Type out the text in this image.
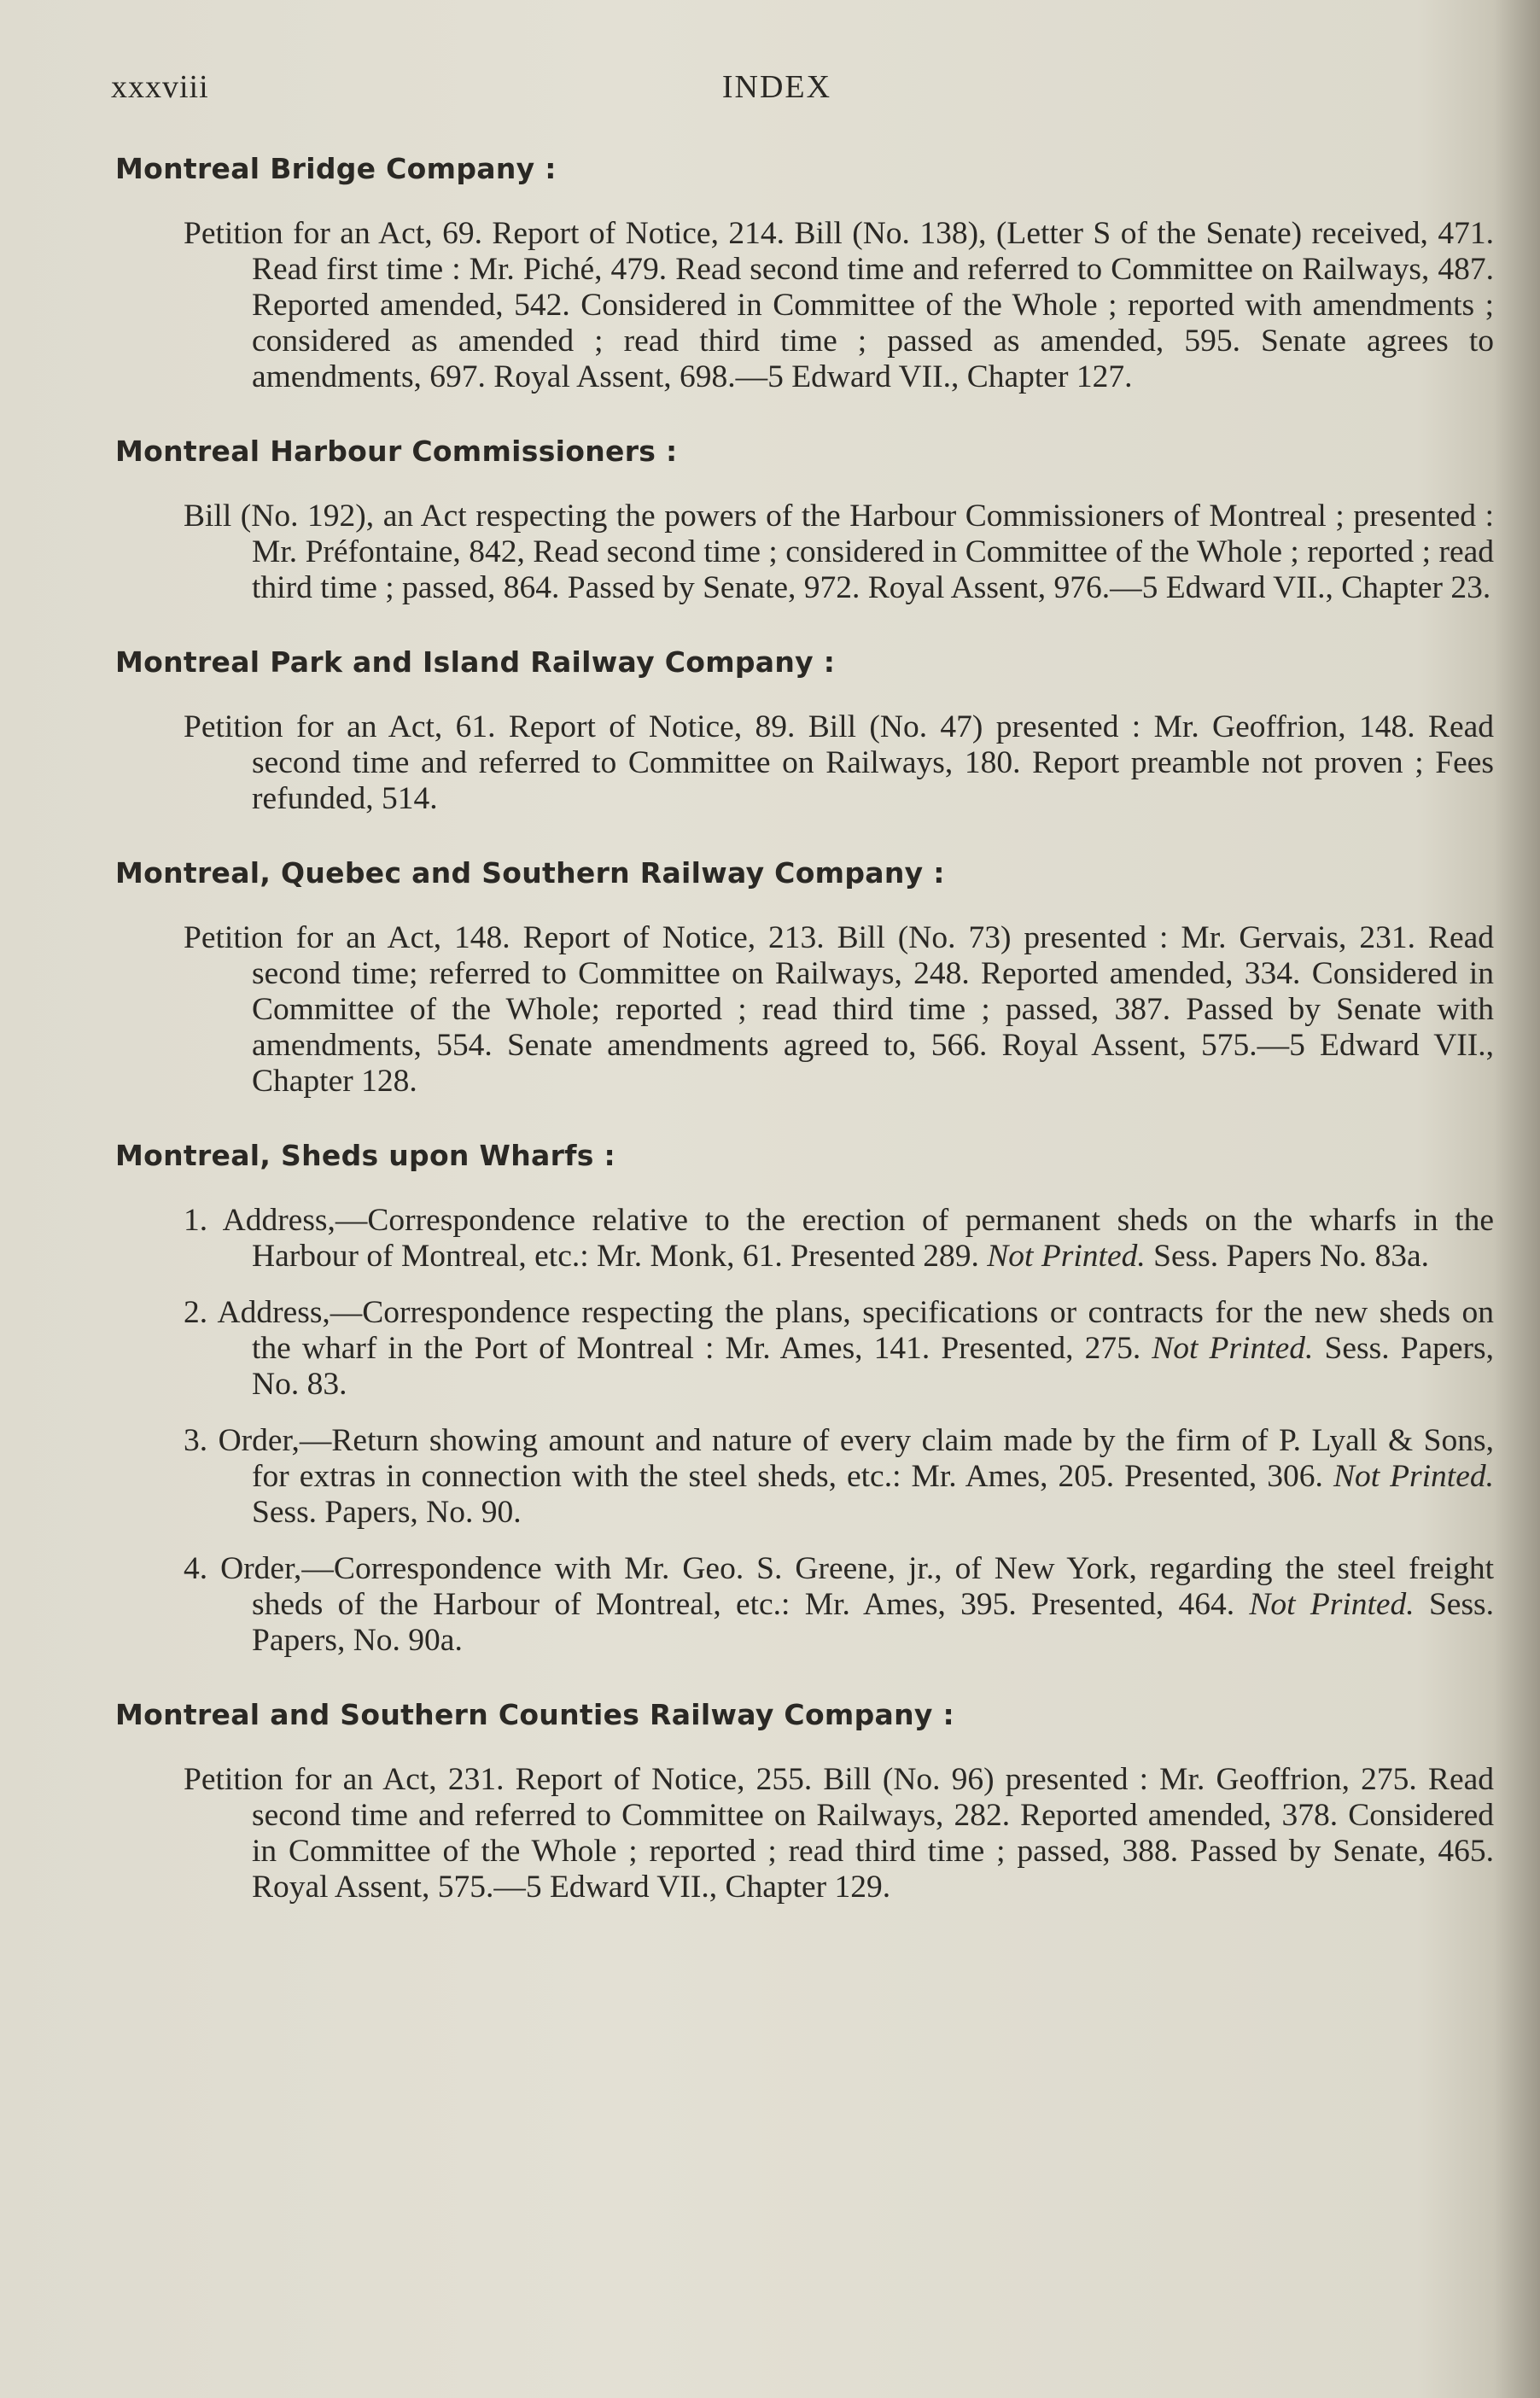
xxxviii	INDEX
Montreal Bridge Company :

Petition for an Act, 69. Report of Notice, 214. Bill (No. 138), (Letter S of the Senate) received, 471. Read first time : Mr. Piché, 479. Read second time and referred to Committee on Railways, 487. Reported amended, 542. Considered in Committee of the Whole ; reported with amendments ; considered as amended ; read third time ; passed as amended, 595. Senate agrees to amendments, 697. Royal Assent, 698.—5 Edward VII., Chapter 127.

Montreal Harbour Commissioners :

Bill (No. 192), an Act respecting the powers of the Harbour Commissioners of Montreal ; presented : Mr. Préfontaine, 842, Read second time ; considered in Committee of the Whole ; reported ; read third time ; passed, 864. Passed by Senate, 972. Royal Assent, 976.—5 Edward VII., Chapter 23.

Montreal Park and Island Railway Company :

Petition for an Act, 61. Report of Notice, 89. Bill (No. 47) presented : Mr. Geoffrion, 148. Read second time and referred to Committee on Railways, 180. Report preamble not proven ; Fees refunded, 514.

Montreal, Quebec and Southern Railway Company :

Petition for an Act, 148. Report of Notice, 213. Bill (No. 73) presented : Mr. Gervais, 231. Read second time; referred to Committee on Railways, 248. Reported amended, 334. Considered in Committee of the Whole; reported ; read third time ; passed, 387. Passed by Senate with amendments, 554. Senate amendments agreed to, 566. Royal Assent, 575.—5 Edward VII., Chapter 128.

Montreal, Sheds upon Wharfs :

1. Address,—Correspondence relative to the erection of permanent sheds on the wharfs in the Harbour of Montreal, etc.: Mr. Monk, 61. Presented 289. Not Printed. Sess. Papers No. 83a.

2. Address,—Correspondence respecting the plans, specifications or contracts for the new sheds on the wharf in the Port of Montreal : Mr. Ames, 141. Presented, 275. Not Printed. Sess. Papers, No. 83.

3. Order,—Return showing amount and nature of every claim made by the firm of P. Lyall & Sons, for extras in connection with the steel sheds, etc.: Mr. Ames, 205. Presented, 306. Not Printed. Sess. Papers, No. 90.

4. Order,—Correspondence with Mr. Geo. S. Greene, jr., of New York, regarding the steel freight sheds of the Harbour of Montreal, etc.: Mr. Ames, 395. Presented, 464. Not Printed. Sess. Papers, No. 90a.

Montreal and Southern Counties Railway Company :

Petition for an Act, 231. Report of Notice, 255. Bill (No. 96) presented : Mr. Geoffrion, 275. Read second time and referred to Committee on Railways, 282. Reported amended, 378. Considered in Committee of the Whole ; reported ; read third time ; passed, 388. Passed by Senate, 465. Royal Assent, 575.—5 Edward VII., Chapter 129.
